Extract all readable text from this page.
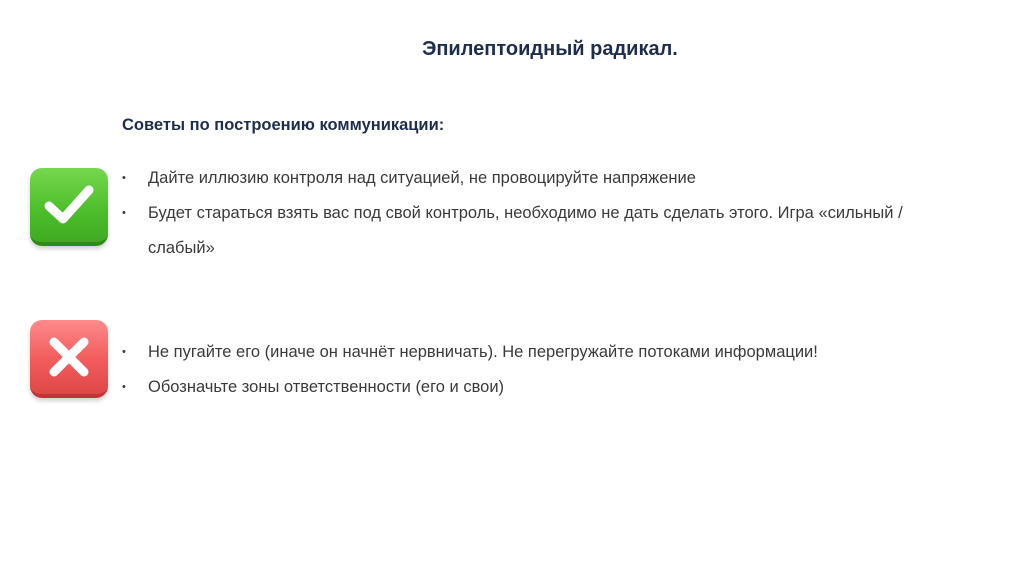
Эпилептоидный радикал.
Советы по построению коммуникации:
• Дайте иллюзию контроля над ситуацией, не провоцируйте напряжение
• Будет стараться взять вас под свой контроль, необходимо не дать сделать этого. Игра «сильный / слабый»
• Не пугайте его (иначе он начнёт нервничать). Не перегружайте потоками информации!
• Обозначьте зоны ответственности (его и свои)
